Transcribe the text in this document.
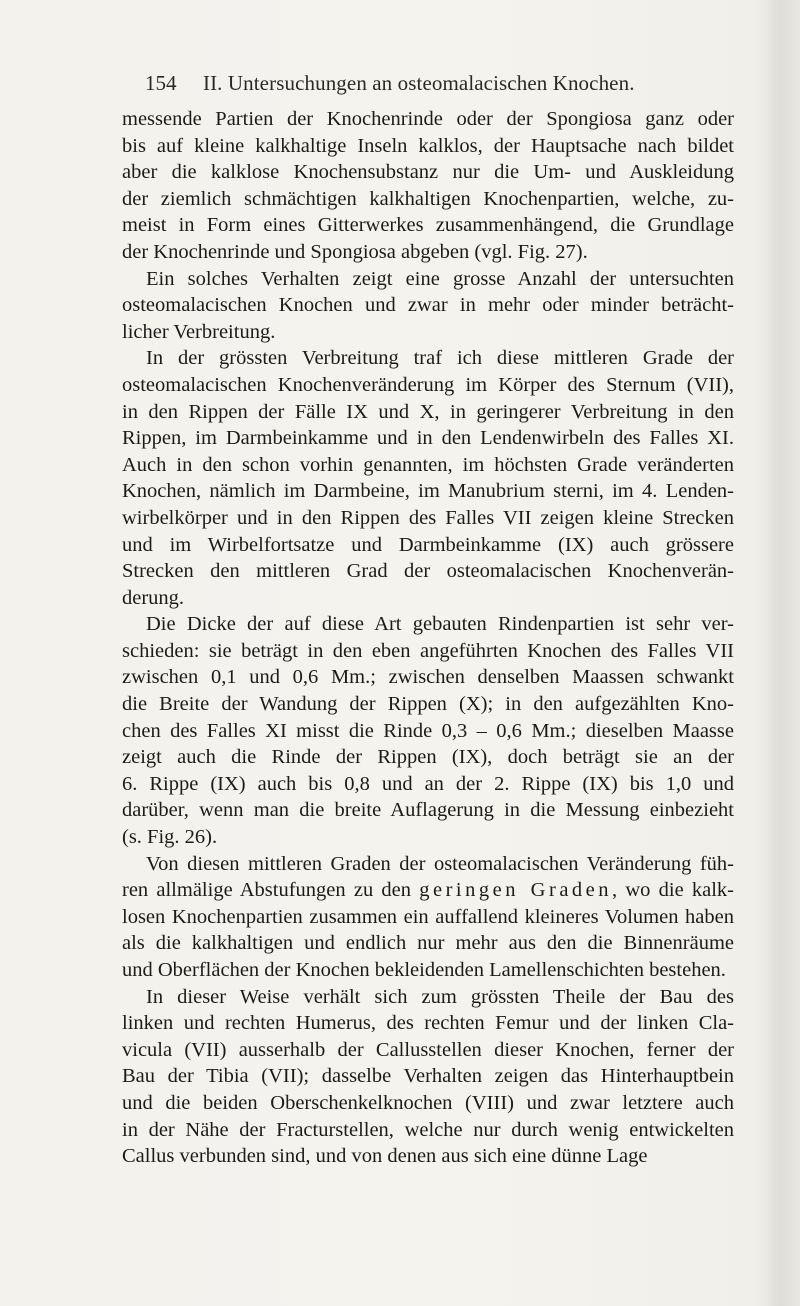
154 II. Untersuchungen an osteomalacischen Knochen.
messende Partien der Knochenrinde oder der Spongiosa ganz oder
bis auf kleine kalkhaltige Inseln kalklos, der Hauptsache nach bildet
aber die kalklose Knochensubstanz nur die Um- und Auskleidung
der ziemlich schmächtigen kalkhaltigen Knochenpartien, welche, zu-
meist in Form eines Gitterwerkes zusammenhängend, die Grundlage
der Knochenrinde und Spongiosa abgeben (vgl. Fig. 27).
Ein solches Verhalten zeigt eine grosse Anzahl der untersuchten
osteomalacischen Knochen und zwar in mehr oder minder beträcht-
licher Verbreitung.
In der grössten Verbreitung traf ich diese mittleren Grade der
osteomalacischen Knochenveränderung im Körper des Sternum (VII),
in den Rippen der Fälle IX und X, in geringerer Verbreitung in den
Rippen, im Darmbeinkamme und in den Lendenwirbeln des Falles XI.
Auch in den schon vorhin genannten, im höchsten Grade veränderten
Knochen, nämlich im Darmbeine, im Manubrium sterni, im 4. Lenden-
wirbelkörper und in den Rippen des Falles VII zeigen kleine Strecken
und im Wirbelfortsatze und Darmbeinkamme (IX) auch grössere
Strecken den mittleren Grad der osteomalacischen Knochenverän-
derung.
Die Dicke der auf diese Art gebauten Rindenpartien ist sehr ver-
schieden: sie beträgt in den eben angeführten Knochen des Falles VII
zwischen 0,1 und 0,6 Mm.; zwischen denselben Maassen schwankt
die Breite der Wandung der Rippen (X); in den aufgezählten Kno-
chen des Falles XI misst die Rinde 0,3 – 0,6 Mm.; dieselben Maasse
zeigt auch die Rinde der Rippen (IX), doch beträgt sie an der
6. Rippe (IX) auch bis 0,8 und an der 2. Rippe (IX) bis 1,0 und
darüber, wenn man die breite Auflagerung in die Messung einbezieht
(s. Fig. 26).
Von diesen mittleren Graden der osteomalacischen Veränderung füh-
ren allmälige Abstufungen zu den geringen Graden, wo die kalk-
losen Knochenpartien zusammen ein auffallend kleineres Volumen haben
als die kalkhaltigen und endlich nur mehr aus den die Binnenräume
und Oberflächen der Knochen bekleidenden Lamellenschichten bestehen.
In dieser Weise verhält sich zum grössten Theile der Bau des
linken und rechten Humerus, des rechten Femur und der linken Cla-
vicula (VII) ausserhalb der Callusstellen dieser Knochen, ferner der
Bau der Tibia (VII); dasselbe Verhalten zeigen das Hinterhauptbein
und die beiden Oberschenkelknochen (VIII) und zwar letztere auch
in der Nähe der Fracturstellen, welche nur durch wenig entwickelten
Callus verbunden sind, und von denen aus sich eine dünne Lage
